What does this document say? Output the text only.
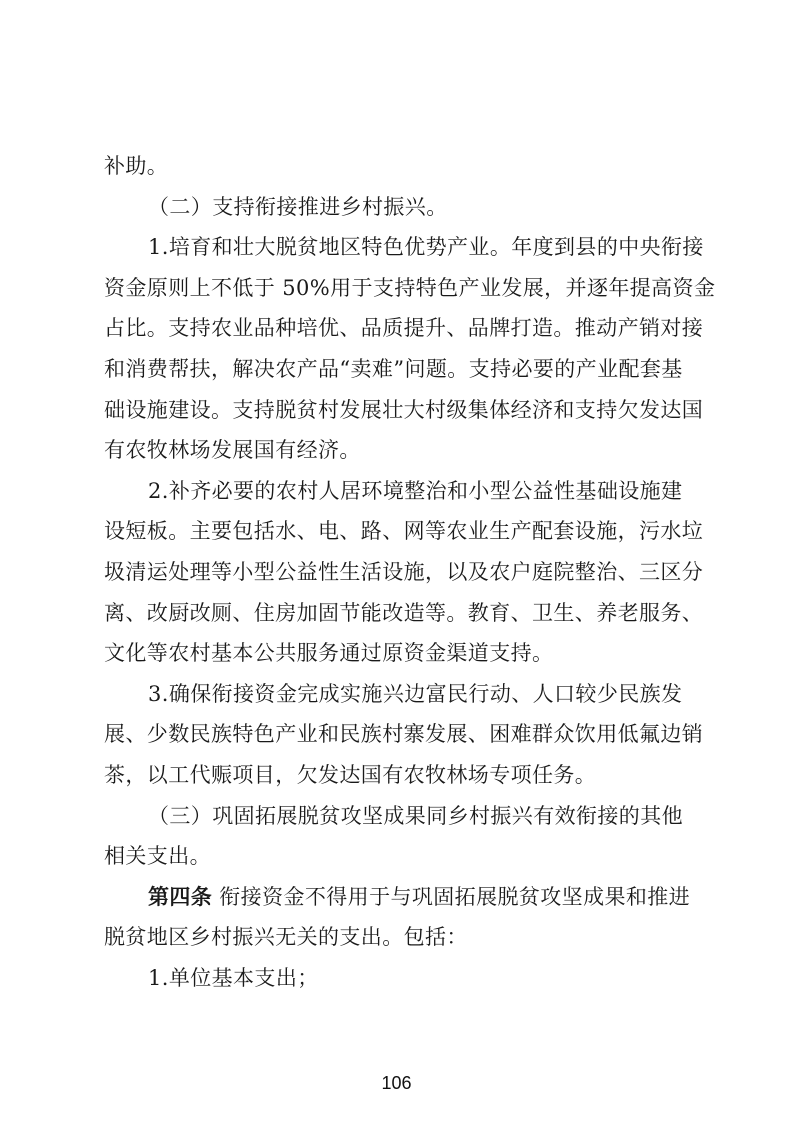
补助。
（二）支持衔接推进乡村振兴。
1.培育和壮大脱贫地区特色优势产业。年度到县的中央衔接
资金原则上不低于 50%用于支持特色产业发展，并逐年提高资金
占比。支持农业品种培优、品质提升、品牌打造。推动产销对接
和消费帮扶，解决农产品“卖难”问题。支持必要的产业配套基
础设施建设。支持脱贫村发展壮大村级集体经济和支持欠发达国
有农牧林场发展国有经济。
2.补齐必要的农村人居环境整治和小型公益性基础设施建
设短板。主要包括水、电、路、网等农业生产配套设施，污水垃
圾清运处理等小型公益性生活设施，以及农户庭院整治、三区分
离、改厨改厕、住房加固节能改造等。教育、卫生、养老服务、
文化等农村基本公共服务通过原资金渠道支持。
3.确保衔接资金完成实施兴边富民行动、人口较少民族发
展、少数民族特色产业和民族村寨发展、困难群众饮用低氟边销
茶，以工代赈项目，欠发达国有农牧林场专项任务。
（三）巩固拓展脱贫攻坚成果同乡村振兴有效衔接的其他
相关支出。
第四条 衔接资金不得用于与巩固拓展脱贫攻坚成果和推进
脱贫地区乡村振兴无关的支出。包括：
1.单位基本支出；
106
